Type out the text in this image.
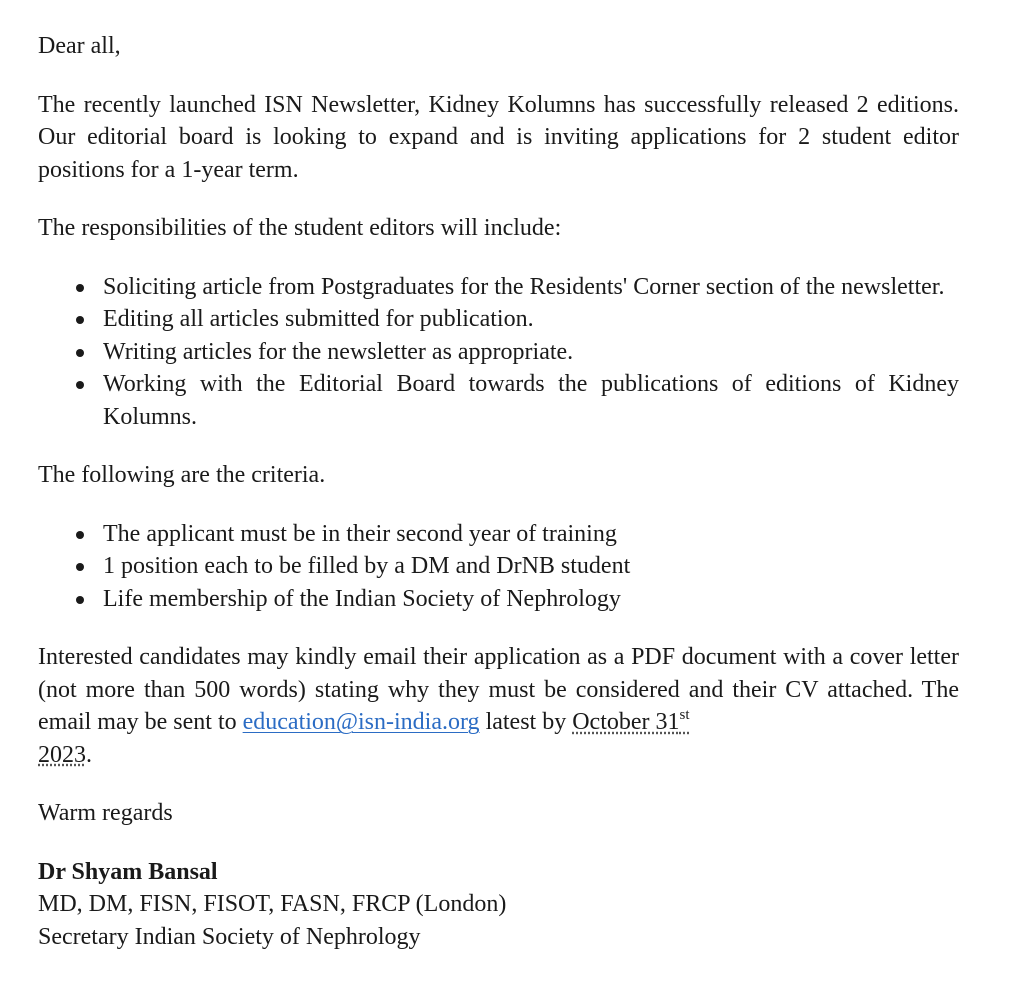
Dear all,

The recently launched ISN Newsletter, Kidney Kolumns has successfully released 2 editions. Our editorial board is looking to expand and is inviting applications for 2 student editor positions for a 1-year term.

The responsibilities of the student editors will include:

Soliciting article from Postgraduates for the Residents' Corner section of the newsletter.
Editing all articles submitted for publication.
Writing articles for the newsletter as appropriate.
Working with the Editorial Board towards the publications of editions of Kidney Kolumns.

The following are the criteria.

The applicant must be in their second year of training
1 position each to be filled by a DM and DrNB student
Life membership of the Indian Society of Nephrology

Interested candidates may kindly email their application as a PDF document with a cover letter (not more than 500 words) stating why they must be considered and their CV attached. The email may be sent to education@isn-india.org latest by October 31st
2023.

Warm regards

Dr Shyam Bansal

MD, DM, FISN, FISOT, FASN, FRCP (London)

Secretary Indian Society of Nephrology
